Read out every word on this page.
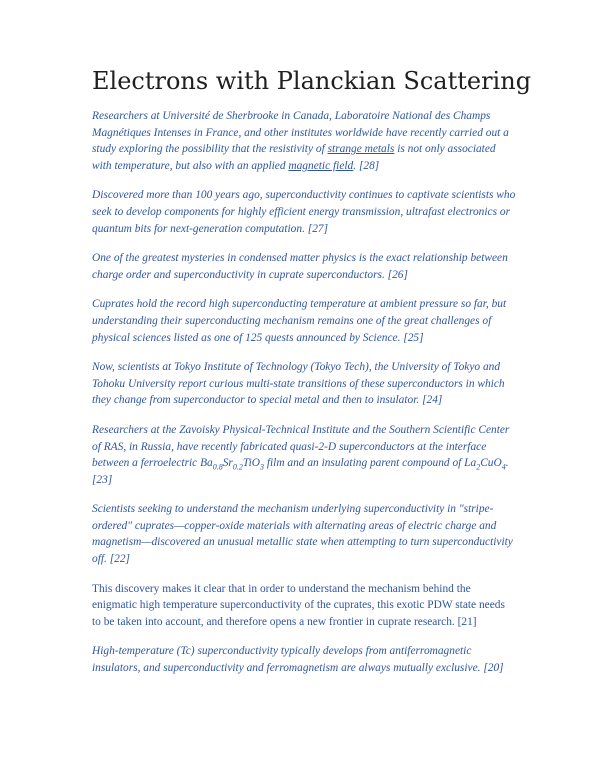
Electrons with Planckian Scattering

Researchers at Université de Sherbrooke in Canada, Laboratoire National des Champs Magnétiques Intenses in France, and other institutes worldwide have recently carried out a study exploring the possibility that the resistivity of strange metals is not only associated with temperature, but also with an applied magnetic field. [28]

Discovered more than 100 years ago, superconductivity continues to captivate scientists who seek to develop components for highly efficient energy transmission, ultrafast electronics or quantum bits for next-generation computation. [27]

One of the greatest mysteries in condensed matter physics is the exact relationship between charge order and superconductivity in cuprate superconductors. [26]

Cuprates hold the record high superconducting temperature at ambient pressure so far, but understanding their superconducting mechanism remains one of the great challenges of physical sciences listed as one of 125 quests announced by Science. [25]

Now, scientists at Tokyo Institute of Technology (Tokyo Tech), the University of Tokyo and Tohoku University report curious multi-state transitions of these superconductors in which they change from superconductor to special metal and then to insulator. [24]

Researchers at the Zavoisky Physical-Technical Institute and the Southern Scientific Center of RAS, in Russia, have recently fabricated quasi-2-D superconductors at the interface between a ferroelectric $Ba_{0.8}Sr_{0.2}TiO_3$ film and an insulating parent compound of $La_2CuO_4$. [23]

Scientists seeking to understand the mechanism underlying superconductivity in "stripe-ordered" cuprates—copper-oxide materials with alternating areas of electric charge and magnetism—discovered an unusual metallic state when attempting to turn superconductivity off. [22]

This discovery makes it clear that in order to understand the mechanism behind the enigmatic high temperature superconductivity of the cuprates, this exotic PDW state needs to be taken into account, and therefore opens a new frontier in cuprate research. [21]

High-temperature (Tc) superconductivity typically develops from antiferromagnetic insulators, and superconductivity and ferromagnetism are always mutually exclusive. [20]
